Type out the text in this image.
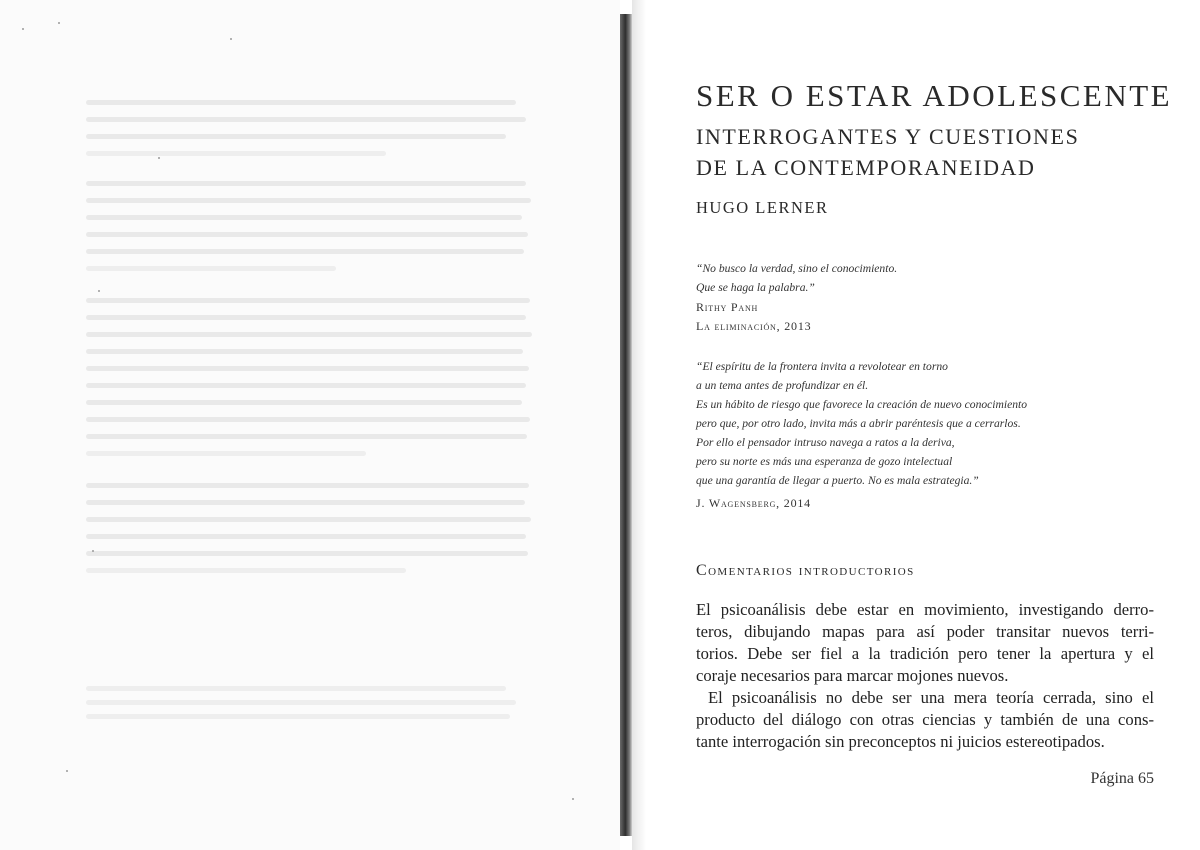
SER O ESTAR ADOLESCENTE
INTERROGANTES Y CUESTIONES
DE LA CONTEMPORANEIDAD

HUGO LERNER

“No busco la verdad, sino el conocimiento.

Que se haga la palabra.”

Rithy Panh

La eliminación, 2013

“El espíritu de la frontera invita a revolotear en torno

a un tema antes de profundizar en él.

Es un hábito de riesgo que favorece la creación de nuevo conocimiento

pero que, por otro lado, invita más a abrir paréntesis que a cerrarlos.

Por ello el pensador intruso navega a ratos a la deriva,

pero su norte es más una esperanza de gozo intelectual

que una garantía de llegar a puerto. No es mala estrategia.”

J. Wagensberg, 2014

Comentarios introductorios

El psicoanálisis debe estar en movimiento, investigando derro-

teros, dibujando mapas para así poder transitar nuevos terri-

torios. Debe ser fiel a la tradición pero tener la apertura y el

coraje necesarios para marcar mojones nuevos.

El psicoanálisis no debe ser una mera teoría cerrada, sino el

producto del diálogo con otras ciencias y también de una cons-

tante interrogación sin preconceptos ni juicios estereotipados.

Página 65
